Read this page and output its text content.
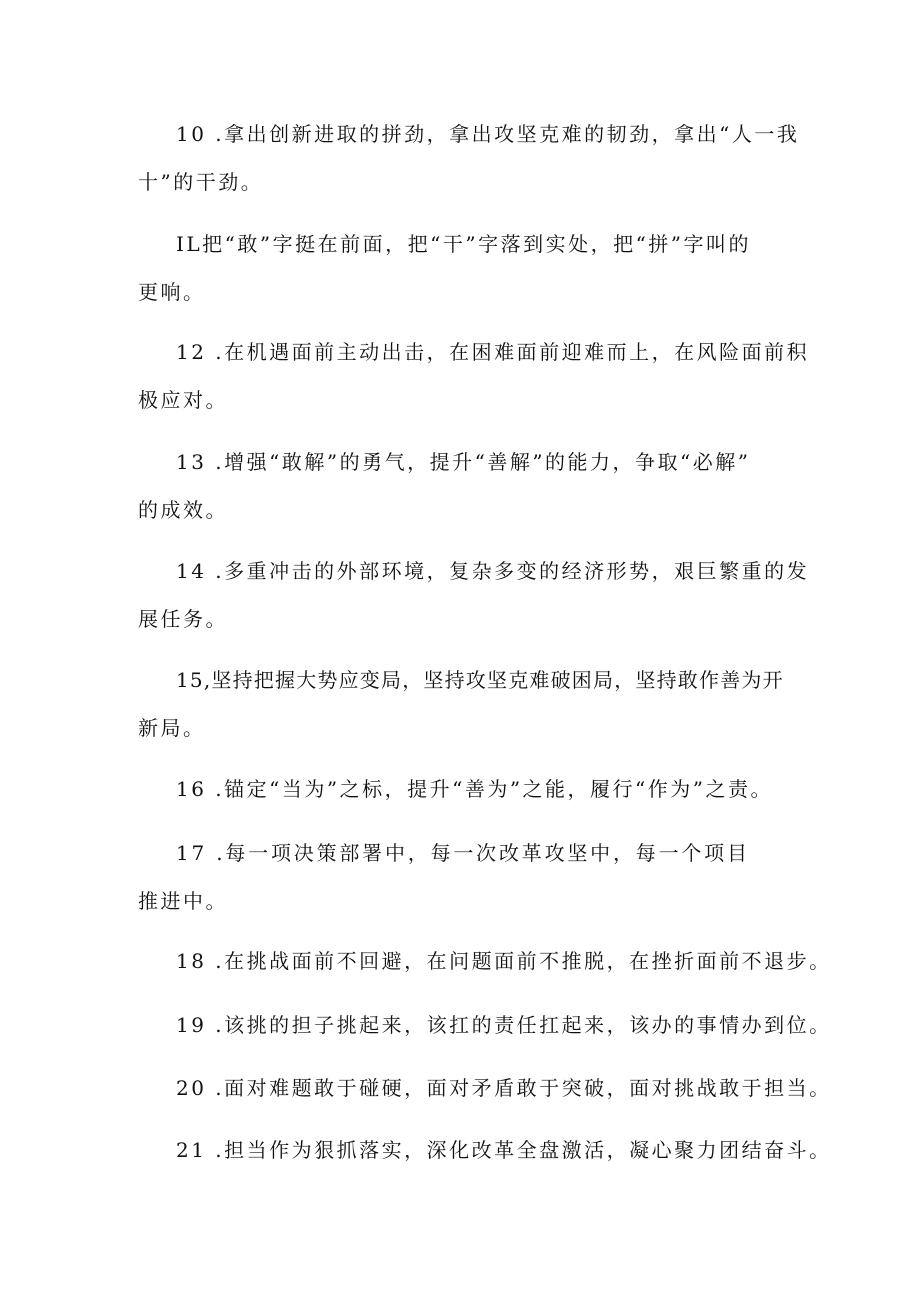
10 .拿出创新进取的拼劲，拿出攻坚克难的韧劲，拿出“人一我
十”的干劲。
IL把“敢”字挺在前面，把“干”字落到实处，把“拼”字叫的
更响。
12 .在机遇面前主动出击，在困难面前迎难而上，在风险面前积
极应对。
13 .增强“敢解”的勇气，提升“善解”的能力，争取“必解”
的成效。
14 .多重冲击的外部环境，复杂多变的经济形势，艰巨繁重的发
展任务。
15,坚持把握大势应变局，坚持攻坚克难破困局，坚持敢作善为开
新局。
16 .锚定“当为”之标，提升“善为”之能，履行“作为”之责。
17 .每一项决策部署中，每一次改革攻坚中，每一个项目
推进中。
18 .在挑战面前不回避，在问题面前不推脱，在挫折面前不退步。
19 .该挑的担子挑起来，该扛的责任扛起来，该办的事情办到位。
20 .面对难题敢于碰硬，面对矛盾敢于突破，面对挑战敢于担当。
21 .担当作为狠抓落实，深化改革全盘激活，凝心聚力团结奋斗。
